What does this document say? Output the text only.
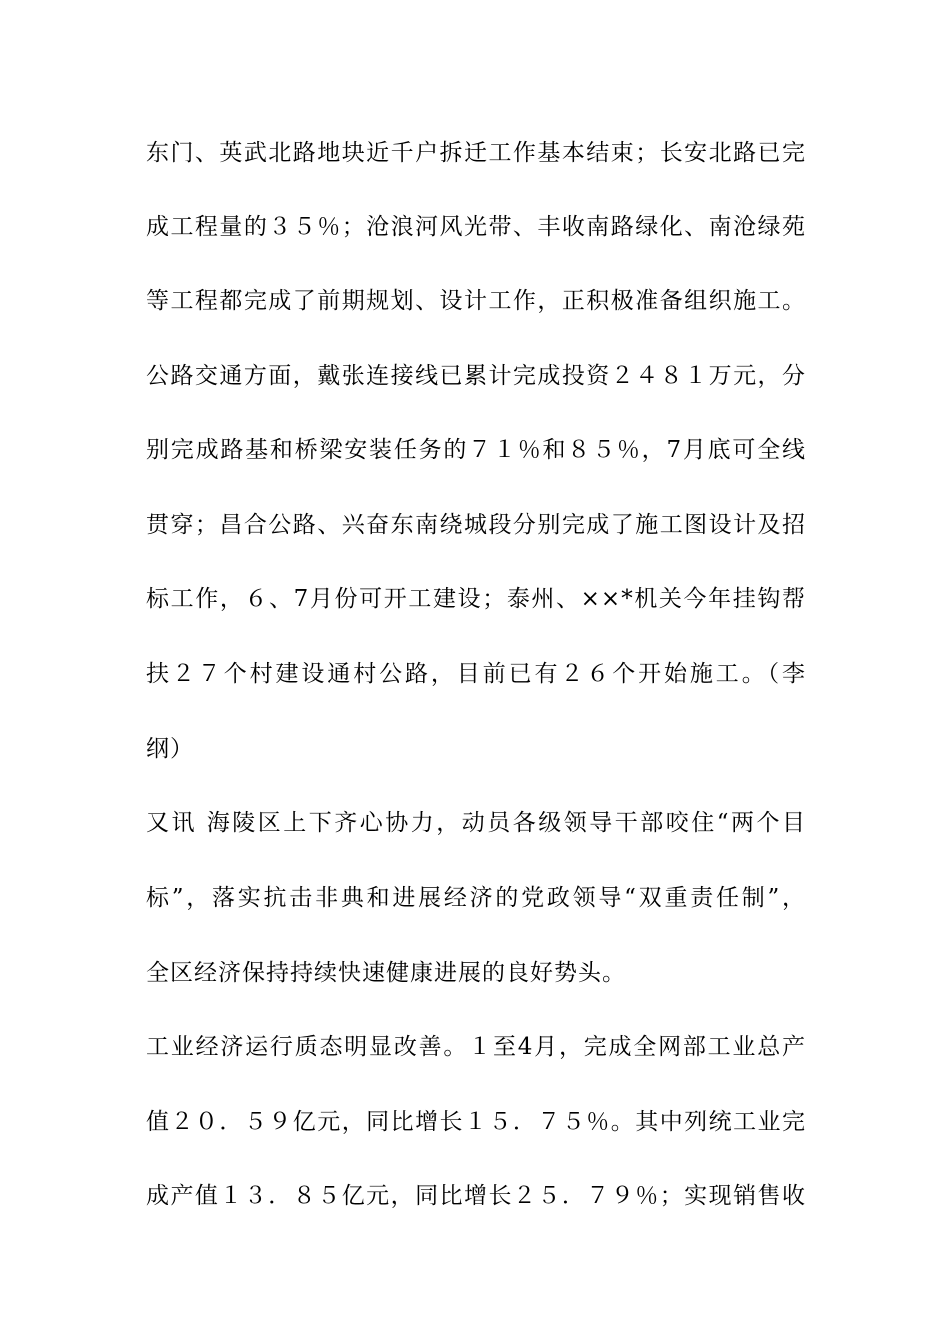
东门、英武北路地块近千户拆迁工作基本结束；长安北路已完
成工程量的３５％；沧浪河风光带、丰收南路绿化、南沧绿苑
等工程都完成了前期规划、设计工作，正积极准备组织施工。
公路交通方面，戴张连接线已累计完成投资２４８１万元，分
别完成路基和桥梁安装任务的７１％和８５％，7月底可全线
贯穿；昌合公路、兴奋东南绕城段分别完成了施工图设计及招
标工作，６、7月份可开工建设；泰州、××*机关今年挂钩帮
扶２７个村建设通村公路，目前已有２６个开始施工。（李
纲）
又讯 海陵区上下齐心协力，动员各级领导干部咬住“两个目
标”，落实抗击非典和进展经济的党政领导“双重责任制”，
全区经济保持持续快速健康进展的良好势头。
工业经济运行质态明显改善。１至4月，完成全网部工业总产
值２０．５９亿元，同比增长１５．７５％。其中列统工业完
成产值１３．８５亿元，同比增长２５．７９％；实现销售收
